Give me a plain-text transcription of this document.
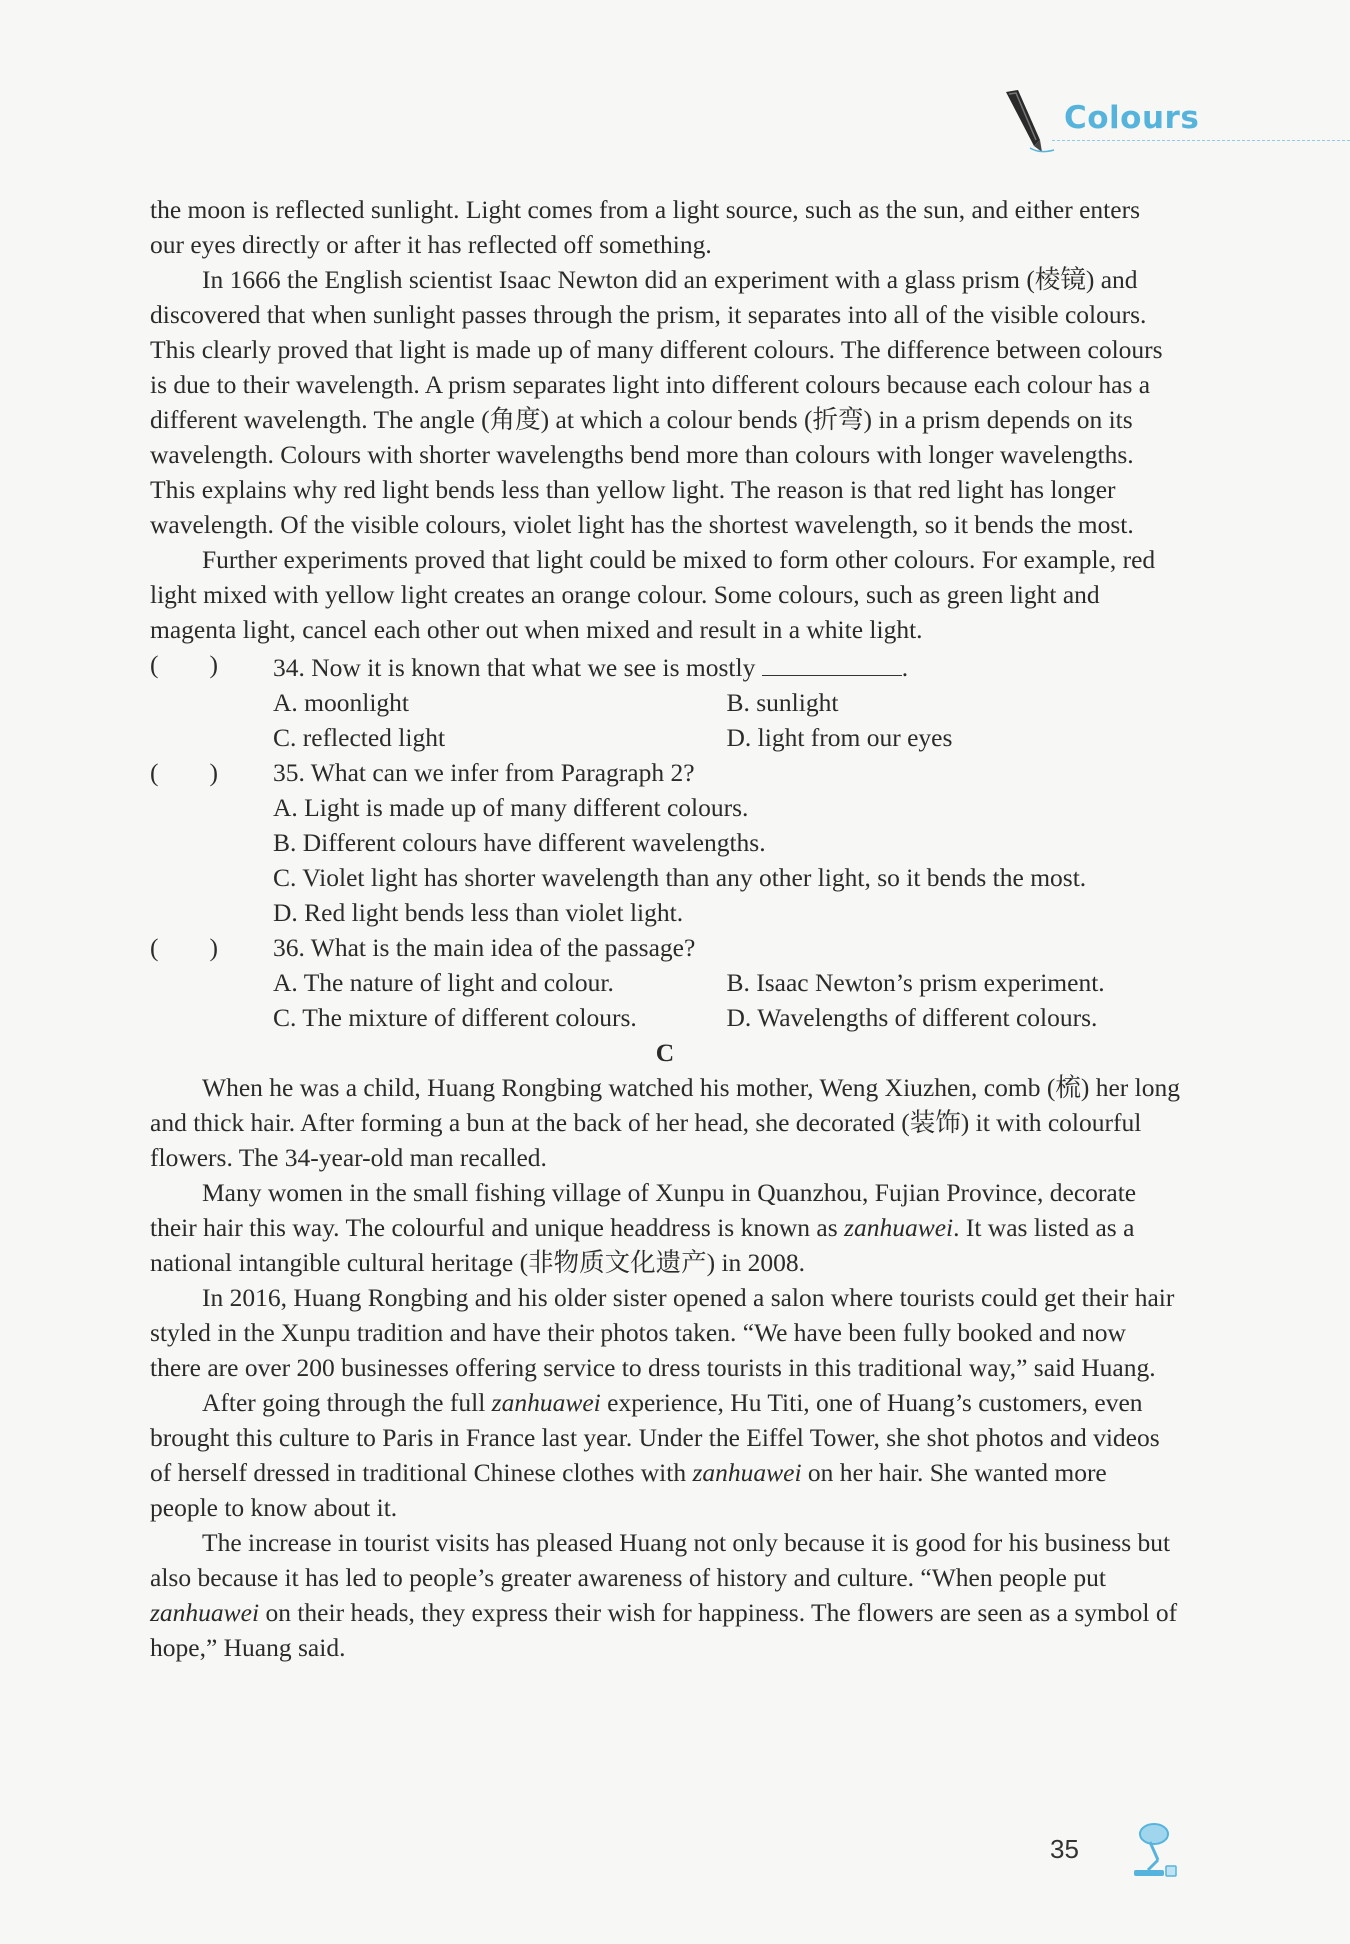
Colours

the moon is reflected sunlight. Light comes from a light source, such as the sun, and either enters our eyes directly or after it has reflected off something.

In 1666 the English scientist Isaac Newton did an experiment with a glass prism (棱镜) and discovered that when sunlight passes through the prism, it separates into all of the visible colours. This clearly proved that light is made up of many different colours. The difference between colours is due to their wavelength. A prism separates light into different colours because each colour has a different wavelength. The angle (角度) at which a colour bends (折弯) in a prism depends on its wavelength. Colours with shorter wavelengths bend more than colours with longer wavelengths. This explains why red light bends less than yellow light. The reason is that red light has longer wavelength. Of the visible colours, violet light has the shortest wavelength, so it bends the most.

Further experiments proved that light could be mixed to form other colours. For example, red light mixed with yellow light creates an orange colour. Some colours, such as green light and magenta light, cancel each other out when mixed and result in a white light.

(        )	34. Now it is known that what we see is mostly	.
A. moonlight	B. sunlight
C. reflected light	D. light from our eyes
(        )	35. What can we infer from Paragraph 2?
A. Light is made up of many different colours.
B. Different colours have different wavelengths.
C. Violet light has shorter wavelength than any other light, so it bends the most.
D. Red light bends less than violet light.
(        )	36. What is the main idea of the passage?
A. The nature of light and colour.	B. Isaac Newton’s prism experiment.
C. The mixture of different colours.	D. Wavelengths of different colours.
C

When he was a child, Huang Rongbing watched his mother, Weng Xiuzhen, comb (梳) her long and thick hair. After forming a bun at the back of her head, she decorated (装饰) it with colourful flowers. The 34-year-old man recalled.

Many women in the small fishing village of Xunpu in Quanzhou, Fujian Province, decorate their hair this way. The colourful and unique headdress is known as zanhuawei. It was listed as a national intangible cultural heritage (非物质文化遗产) in 2008.

In 2016, Huang Rongbing and his older sister opened a salon where tourists could get their hair styled in the Xunpu tradition and have their photos taken. “We have been fully booked and now there are over 200 businesses offering service to dress tourists in this traditional way,” said Huang.

After going through the full zanhuawei experience, Hu Titi, one of Huang’s customers, even brought this culture to Paris in France last year. Under the Eiffel Tower, she shot photos and videos of herself dressed in traditional Chinese clothes with zanhuawei on her hair. She wanted more people to know about it.

The increase in tourist visits has pleased Huang not only because it is good for his business but also because it has led to people’s greater awareness of history and culture. “When people put zanhuawei on their heads, they express their wish for happiness. The flowers are seen as a symbol of hope,” Huang said.

35
